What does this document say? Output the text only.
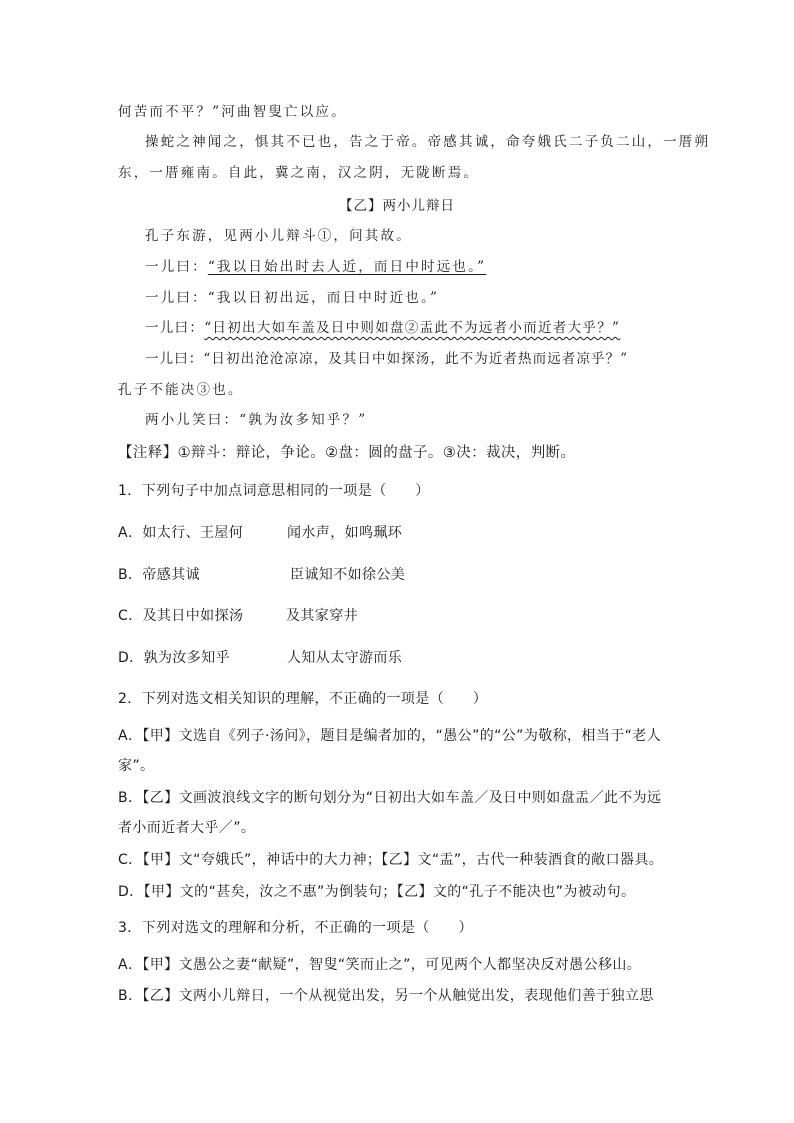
何苦而不平？”河曲智叟亡以应。
操蛇之神闻之，惧其不已也，告之于帝。帝感其诚，命夸娥氏二子负二山，一厝朔
东，一厝雍南。自此，冀之南，汉之阴，无陇断焉。
【乙】两小儿辩日
孔子东游，见两小儿辩斗①，问其故。
一儿曰：“我以日始出时去人近，而日中时远也。”
一儿曰：“我以日初出远，而日中时近也。”
一儿曰：“日初出大如车盖及日中则如盘②盂此不为远者小而近者大乎？”
一儿曰：“日初出沧沧凉凉，及其日中如探汤，此不为近者热而远者凉乎？”
孔子不能决③也。
两小儿笑曰：“孰为汝多知乎？”
【注释】①辩斗：辩论，争论。②盘：圆的盘子。③决：裁决，判断。
1．下列句子中加点词意思相同的一项是（　　）
A．如太行、王屋何	闻水声，如鸣珮环
B．帝感其诚	臣诚知不如徐公美
C．及其日中如探汤	及其家穿井
D．孰为汝多知乎	人知从太守游而乐
2．下列对选文相关知识的理解，不正确的一项是（　　）
A．【甲】文选自《列子·汤问》，题目是编者加的，“愚公”的“公”为敬称，相当于“老人
家”。
B．【乙】文画波浪线文字的断句划分为“日初出大如车盖／及日中则如盘盂／此不为远
者小而近者大乎／”。
C．【甲】文“夸娥氏”，神话中的大力神；【乙】文“盂”，古代一种装酒食的敞口器具。
D．【甲】文的“甚矣，汝之不惠”为倒装句；【乙】文的“孔子不能决也”为被动句。
3．下列对选文的理解和分析，不正确的一项是（　　）
A．【甲】文愚公之妻“献疑”，智叟“笑而止之”，可见两个人都坚决反对愚公移山。
B．【乙】文两小儿辩日，一个从视觉出发，另一个从触觉出发，表现他们善于独立思
